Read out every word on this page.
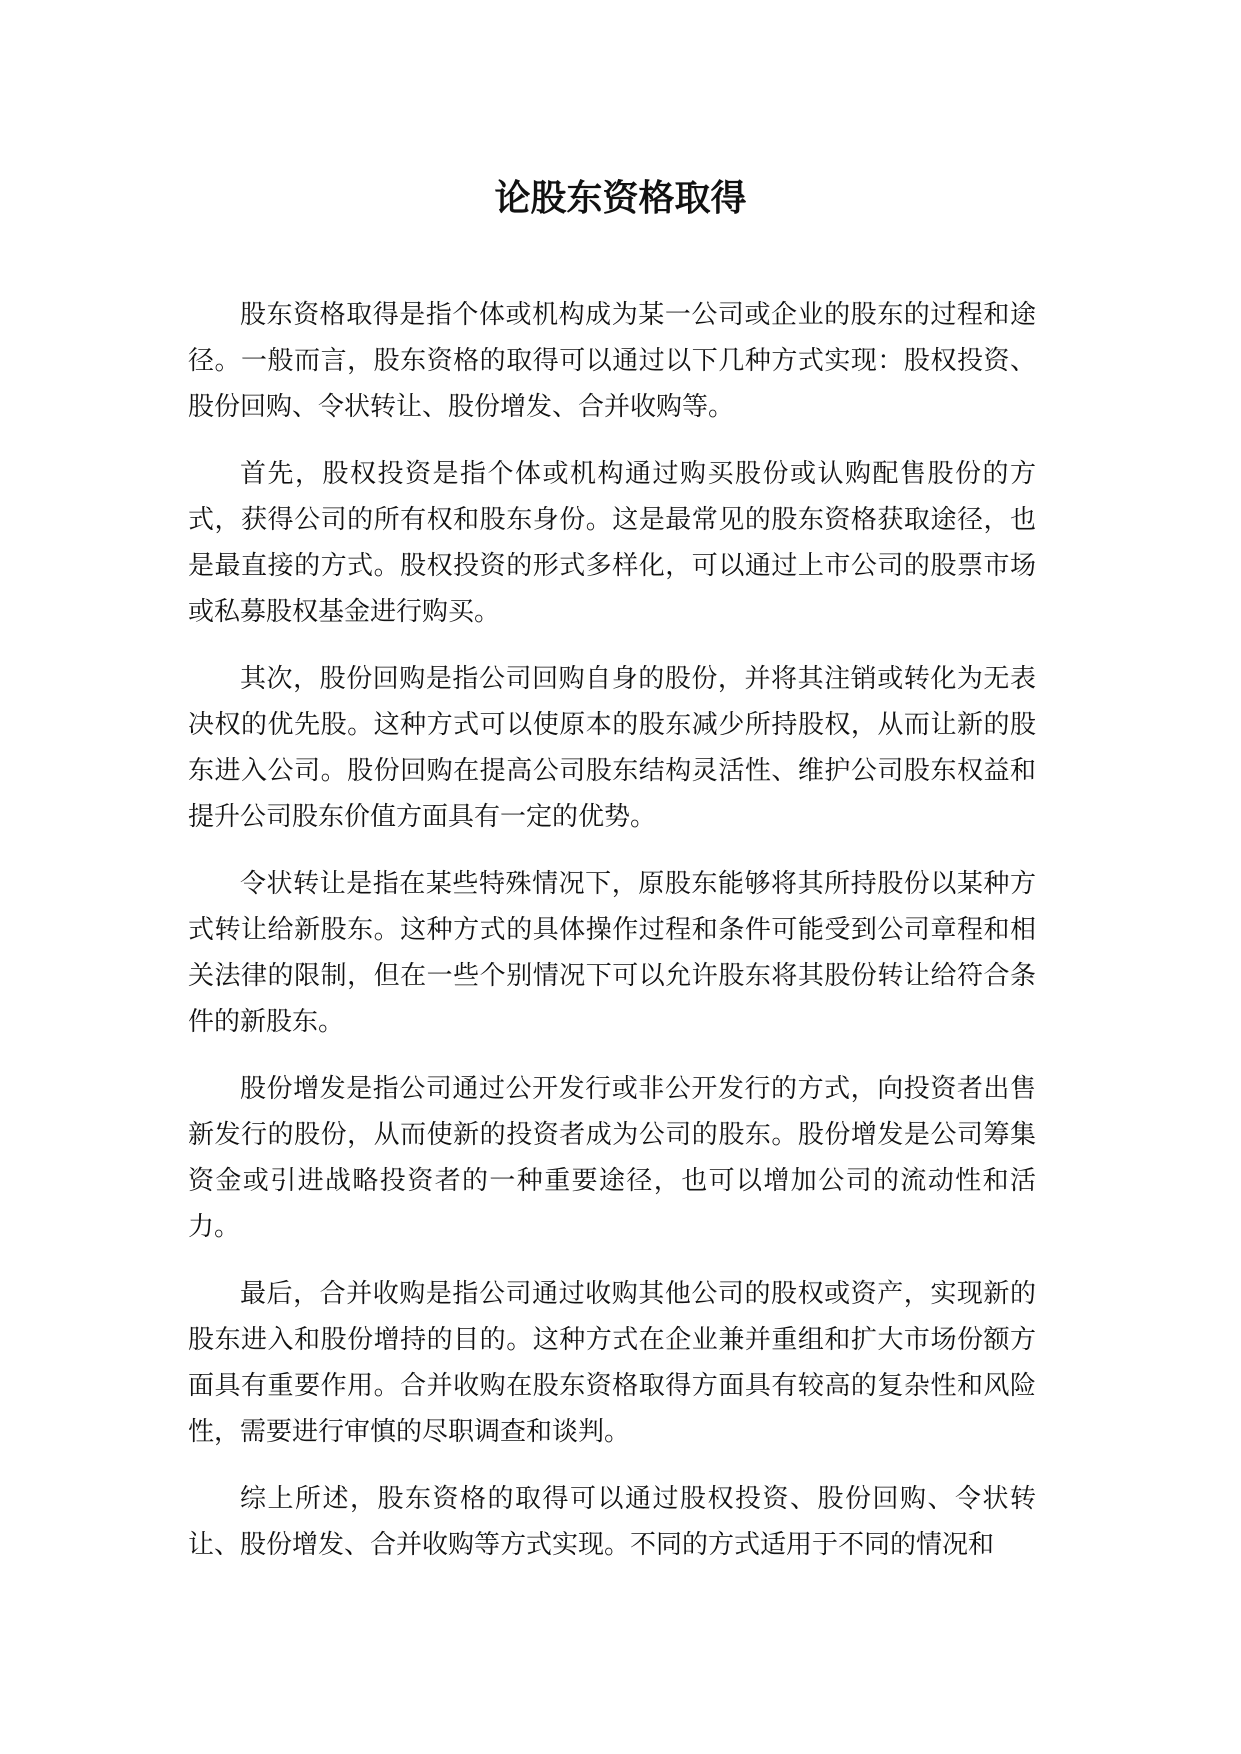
论股东资格取得

股东资格取得是指个体或机构成为某一公司或企业的股东的过程和途径。一般而言，股东资格的取得可以通过以下几种方式实现：股权投资、股份回购、令状转让、股份增发、合并收购等。

首先，股权投资是指个体或机构通过购买股份或认购配售股份的方式，获得公司的所有权和股东身份。这是最常见的股东资格获取途径，也是最直接的方式。股权投资的形式多样化，可以通过上市公司的股票市场或私募股权基金进行购买。

其次，股份回购是指公司回购自身的股份，并将其注销或转化为无表决权的优先股。这种方式可以使原本的股东减少所持股权，从而让新的股东进入公司。股份回购在提高公司股东结构灵活性、维护公司股东权益和提升公司股东价值方面具有一定的优势。

令状转让是指在某些特殊情况下，原股东能够将其所持股份以某种方式转让给新股东。这种方式的具体操作过程和条件可能受到公司章程和相关法律的限制，但在一些个别情况下可以允许股东将其股份转让给符合条件的新股东。

股份增发是指公司通过公开发行或非公开发行的方式，向投资者出售新发行的股份，从而使新的投资者成为公司的股东。股份增发是公司筹集资金或引进战略投资者的一种重要途径，也可以增加公司的流动性和活力。

最后，合并收购是指公司通过收购其他公司的股权或资产，实现新的股东进入和股份增持的目的。这种方式在企业兼并重组和扩大市场份额方面具有重要作用。合并收购在股东资格取得方面具有较高的复杂性和风险性，需要进行审慎的尽职调查和谈判。

综上所述，股东资格的取得可以通过股权投资、股份回购、令状转让、股份增发、合并收购等方式实现。不同的方式适用于不同的情况和
